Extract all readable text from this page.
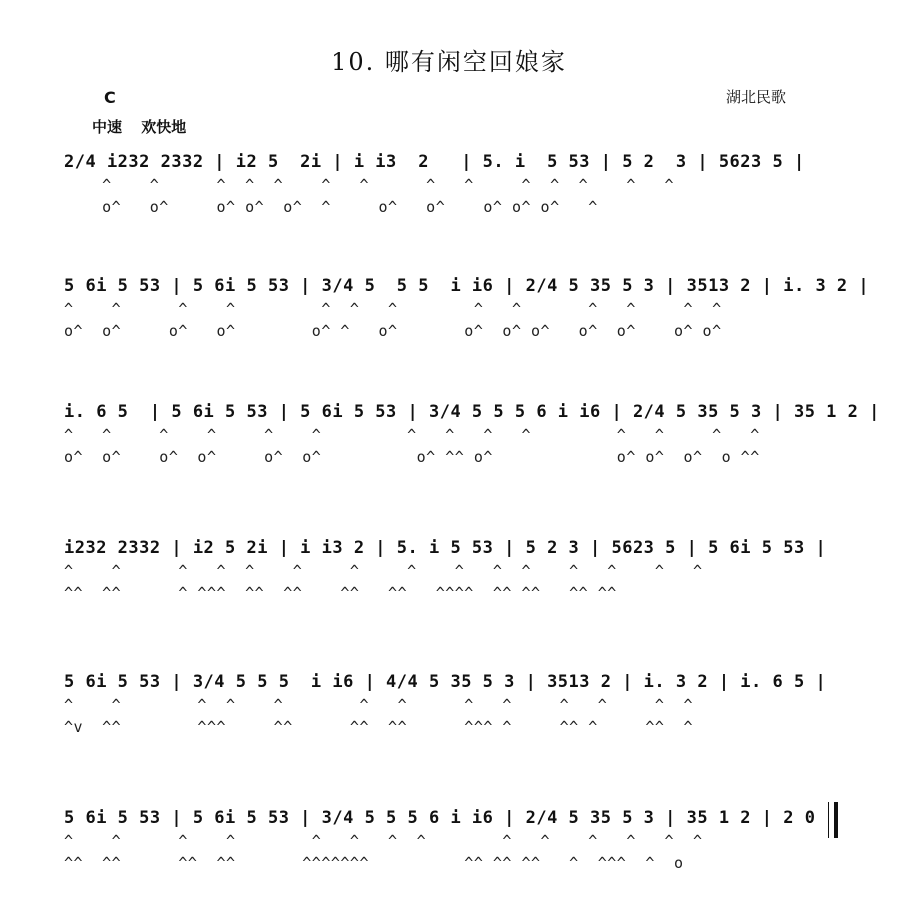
10. 哪有闲空回娘家
湖北民歌
C
中速 欢快地
2/4 i232 2332 | i2 5  2i | i i3  2   | 5. i  5 53 | 5 2  3 | 5623 5 |
^    ^      ^  ^  ^    ^   ^      ^   ^     ^  ^  ^    ^   ^
o^   o^     o^ o^  o^  ^     o^   o^    o^ o^ o^   ^
5 6i 5 53 | 5 6i 5 53 | 3/4 5  5 5  i i6 | 2/4 5 35 5 3 | 3513 2 | i. 3 2 |
^    ^      ^    ^         ^  ^   ^        ^   ^       ^   ^     ^  ^
o^  o^     o^   o^        o^ ^   o^       o^  o^ o^   o^  o^    o^ o^
i. 6 5  | 5 6i 5 53 | 5 6i 5 53 | 3/4 5 5 5 6 i i6 | 2/4 5 35 5 3 | 35 1 2 |
^   ^     ^    ^     ^    ^         ^   ^   ^   ^         ^   ^     ^   ^
o^  o^    o^  o^     o^  o^          o^ ^^ o^             o^ o^  o^  o ^^
i232 2332 | i2 5 2i | i i3 2 | 5. i 5 53 | 5 2 3 | 5623 5 | 5 6i 5 53 |
^    ^      ^   ^  ^    ^     ^     ^    ^   ^  ^    ^   ^    ^   ^
^^  ^^      ^ ^^^  ^^  ^^    ^^   ^^   ^^^^  ^^ ^^   ^^ ^^
5 6i 5 53 | 3/4 5 5 5  i i6 | 4/4 5 35 5 3 | 3513 2 | i. 3 2 | i. 6 5 |
^    ^        ^  ^    ^        ^   ^      ^   ^     ^   ^     ^  ^
^v  ^^        ^^^     ^^      ^^  ^^      ^^^ ^     ^^ ^     ^^  ^
5 6i 5 53 | 5 6i 5 53 | 3/4 5 5 5 6 i i6 | 2/4 5 35 5 3 | 35 1 2 | 2 0
^    ^      ^    ^        ^   ^   ^  ^        ^   ^    ^   ^   ^  ^
^^  ^^      ^^  ^^       ^^^^^^^          ^^ ^^ ^^   ^  ^^^  ^  o
